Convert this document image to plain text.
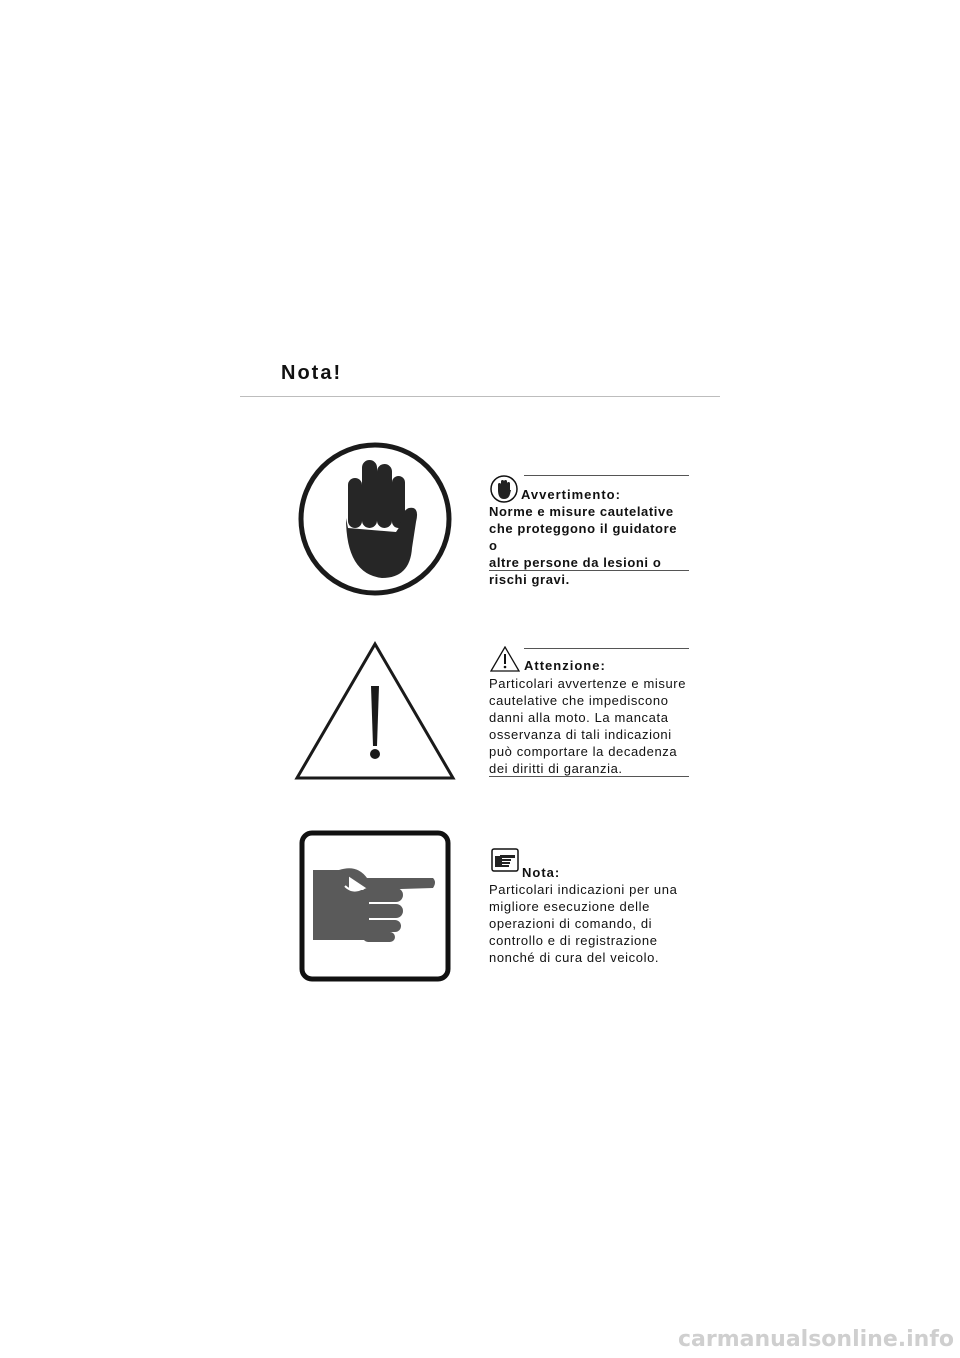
Nota!
Avvertimento:
Norme e misure cautelative
che proteggono il guidatore o
altre persone da lesioni o
rischi gravi.
Attenzione:
Particolari avvertenze e misure
cautelative che impediscono
danni alla moto. La mancata
osservanza di tali indicazioni
può comportare la decadenza
dei diritti di garanzia.
Nota:
Particolari indicazioni per una
migliore esecuzione delle
operazioni di comando, di
controllo e di registrazione
nonché di cura del veicolo.
carmanualsonline.info
